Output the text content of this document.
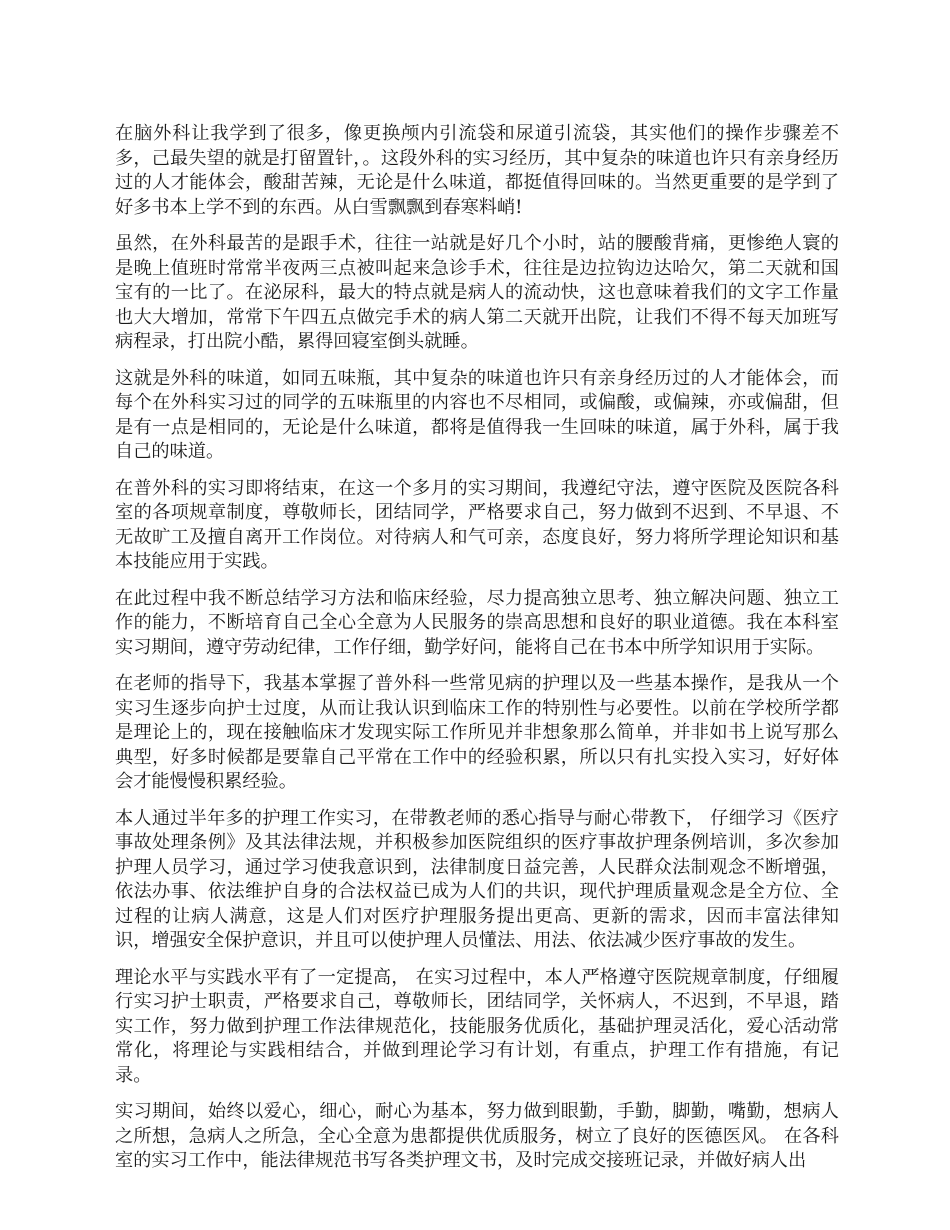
在脑外科让我学到了很多，像更换颅内引流袋和尿道引流袋，其实他们的操作步骤差不多，己最失望的就是打留置针，。这段外科的实习经历，其中复杂的味道也许只有亲身经历过的人才能体会，酸甜苦辣，无论是什么味道，都挺值得回味的。当然更重要的是学到了好多书本上学不到的东西。从白雪飘飘到春寒料峭!

虽然，在外科最苦的是跟手术，往往一站就是好几个小时，站的腰酸背痛，更惨绝人寰的是晚上值班时常常半夜两三点被叫起来急诊手术，往往是边拉钩边达哈欠，第二天就和国宝有的一比了。在泌尿科，最大的特点就是病人的流动快，这也意味着我们的文字工作量也大大增加，常常下午四五点做完手术的病人第二天就开出院，让我们不得不每天加班写病程录，打出院小酷，累得回寝室倒头就睡。

这就是外科的味道，如同五味瓶，其中复杂的味道也许只有亲身经历过的人才能体会，而每个在外科实习过的同学的五味瓶里的内容也不尽相同，或偏酸，或偏辣，亦或偏甜，但是有一点是相同的，无论是什么味道，都将是值得我一生回味的味道，属于外科，属于我自己的味道。

在普外科的实习即将结束，在这一个多月的实习期间，我遵纪守法，遵守医院及医院各科室的各项规章制度，尊敬师长，团结同学，严格要求自己，努力做到不迟到、不早退、不无故旷工及擅自离开工作岗位。对待病人和气可亲，态度良好，努力将所学理论知识和基本技能应用于实践。

在此过程中我不断总结学习方法和临床经验，尽力提高独立思考、独立解决问题、独立工作的能力，不断培育自己全心全意为人民服务的崇高思想和良好的职业道德。我在本科室实习期间，遵守劳动纪律，工作仔细，勤学好问，能将自己在书本中所学知识用于实际。

在老师的指导下，我基本掌握了普外科一些常见病的护理以及一些基本操作，是我从一个实习生逐步向护士过度，从而让我认识到临床工作的特别性与必要性。以前在学校所学都是理论上的，现在接触临床才发现实际工作所见并非想象那么简单，并非如书上说写那么典型，好多时候都是要靠自己平常在工作中的经验积累，所以只有扎实投入实习，好好体会才能慢慢积累经验。

本人通过半年多的护理工作实习，在带教老师的悉心指导与耐心带教下， 仔细学习《医疗事故处理条例》及其法律法规，并积极参加医院组织的医疗事故护理条例培训，多次参加护理人员学习，通过学习使我意识到，法律制度日益完善，人民群众法制观念不断增强，依法办事、依法维护自身的合法权益已成为人们的共识，现代护理质量观念是全方位、全过程的让病人满意，这是人们对医疗护理服务提出更高、更新的需求，因而丰富法律知识，增强安全保护意识，并且可以使护理人员懂法、用法、依法减少医疗事故的发生。

理论水平与实践水平有了一定提高， 在实习过程中，本人严格遵守医院规章制度，仔细履行实习护士职责，严格要求自己，尊敬师长，团结同学，关怀病人，不迟到，不早退，踏实工作，努力做到护理工作法律规范化，技能服务优质化，基础护理灵活化，爱心活动常常化，将理论与实践相结合，并做到理论学习有计划，有重点，护理工作有措施，有记录。

实习期间，始终以爱心，细心，耐心为基本，努力做到眼勤，手勤，脚勤，嘴勤，想病人之所想，急病人之所急，全心全意为患都提供优质服务，树立了良好的医德医风。 在各科室的实习工作中，能法律规范书写各类护理文书，及时完成交接班记录，并做好病人出
